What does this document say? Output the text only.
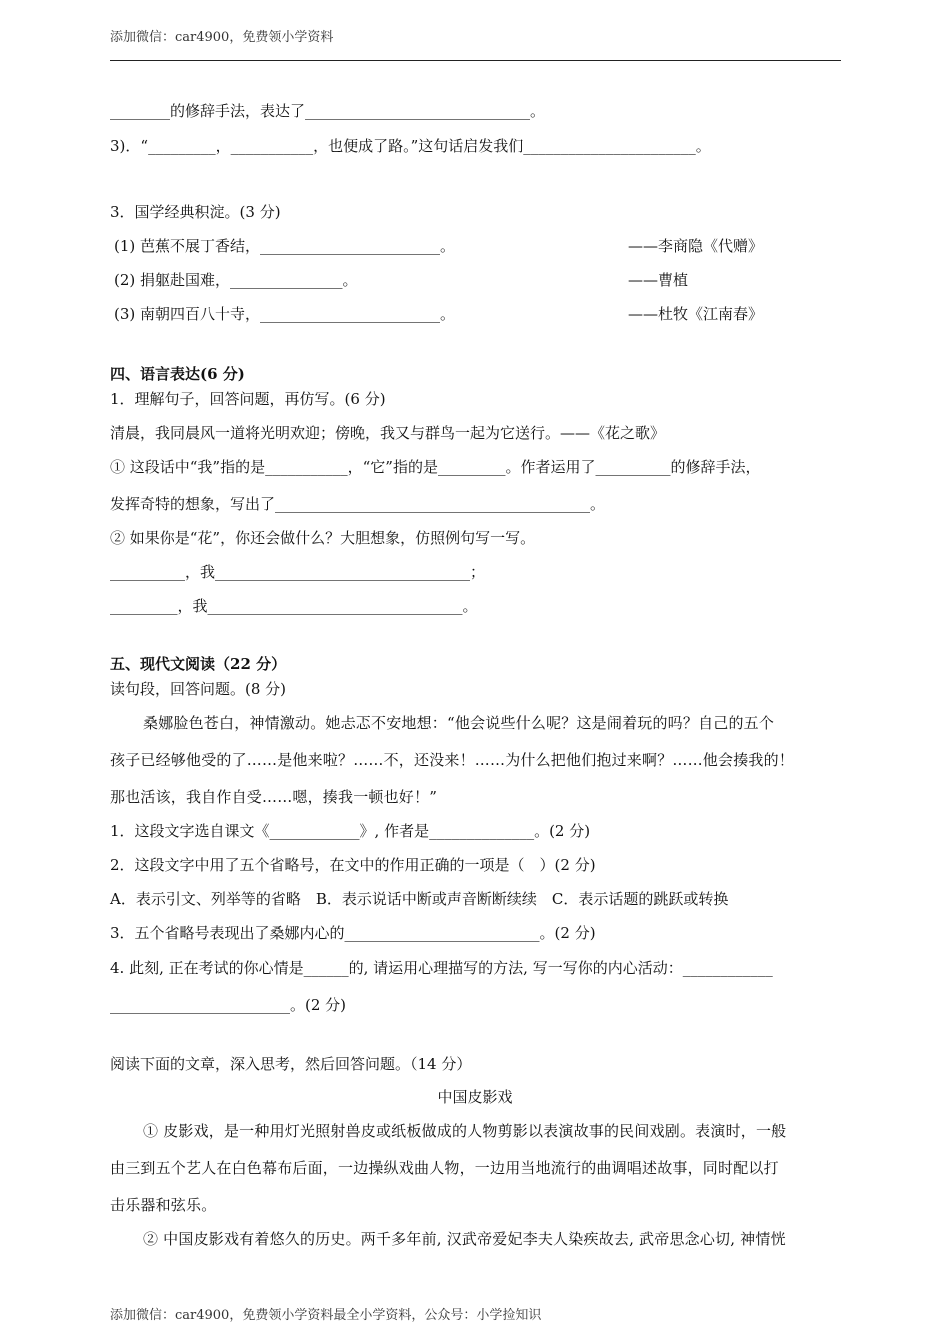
添加微信：car4900，免费领小学资料
________的修辞手法，表达了______________________________。
3)．“_________，___________，也便成了路。”这句话启发我们_______________________。
3．国学经典积淀。(3 分)
(1) 芭蕉不展丁香结，________________________。	——李商隐《代赠》
(2) 捐躯赴国难，_______________。	——曹植
(3) 南朝四百八十寺，________________________。	——杜牧《江南春》
四、语言表达(6 分)
1．理解句子，回答问题，再仿写。(6 分)
清晨，我同晨风一道将光明欢迎；傍晚，我又与群鸟一起为它送行。——《花之歌》
① 这段话中“我”指的是___________，“它”指的是_________。作者运用了__________的修辞手法，
发挥奇特的想象，写出了__________________________________________。
② 如果你是“花”，你还会做什么？大胆想象，仿照例句写一写。
__________，我__________________________________；
_________，我__________________________________。
五、现代文阅读（22 分）
读句段，回答问题。(8 分)
桑娜脸色苍白，神情激动。她忐忑不安地想：“他会说些什么呢？这是闹着玩的吗？自己的五个
孩子已经够他受的了……是他来啦？……不，还没来！……为什么把他们抱过来啊？……他会揍我的！
那也活该，我自作自受……嗯，揍我一顿也好！”
1．这段文字选自课文《____________》, 作者是______________。(2 分)
2．这段文字中用了五个省略号，在文中的作用正确的一项是（　）(2 分)
A．表示引文、列举等的省略　B．表示说话中断或声音断断续续　C．表示话题的跳跃或转换
3．五个省略号表现出了桑娜内心的__________________________。(2 分)
4. 此刻, 正在考试的你心情是______的, 请运用心理描写的方法, 写一写你的内心活动：____________
________________________。(2 分)
阅读下面的文章，深入思考，然后回答问题。（14 分）
中国皮影戏
① 皮影戏，是一种用灯光照射兽皮或纸板做成的人物剪影以表演故事的民间戏剧。表演时，一般
由三到五个艺人在白色幕布后面，一边操纵戏曲人物，一边用当地流行的曲调唱述故事，同时配以打
击乐器和弦乐。
② 中国皮影戏有着悠久的历史。两千多年前, 汉武帝爱妃李夫人染疾故去, 武帝思念心切, 神情恍
添加微信：car4900，免费领小学资料最全小学资料，公众号：小学捡知识
